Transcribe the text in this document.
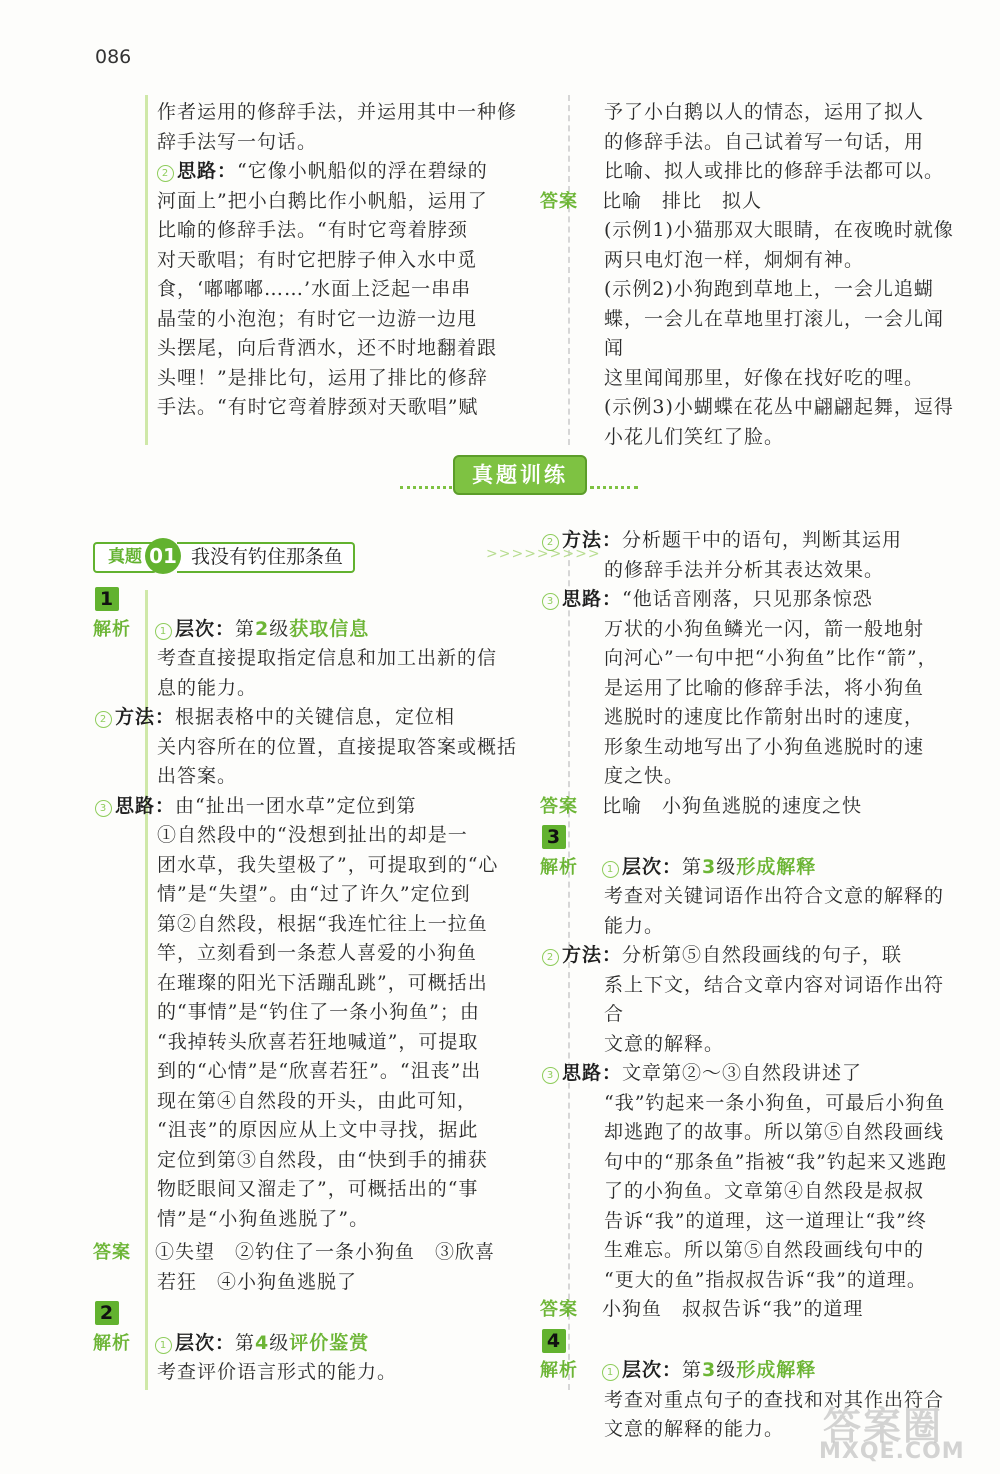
086

作者运用的修辞手法，并运用其中一种修

辞手法写一句话。

2 思路：“它像小帆船似的浮在碧绿的

河面上”把小白鹅比作小帆船，运用了

比喻的修辞手法。“有时它弯着脖颈

对天歌唱；有时它把脖子伸入水中觅

食，‘嘟嘟嘟……’水面上泛起一串串

晶莹的小泡泡；有时它一边游一边甩

头摆尾，向后背洒水，还不时地翻着跟

头哩！”是排比句，运用了排比的修辞

手法。“有时它弯着脖颈对天歌唱”赋

予了小白鹅以人的情态，运用了拟人

的修辞手法。自己试着写一句话，用

比喻、拟人或排比的修辞手法都可以。

答案	比喻　排比　拟人

(示例1)小猫那双大眼睛，在夜晚时就像

两只电灯泡一样，炯炯有神。

(示例2)小狗跑到草地上，一会儿追蝴

蝶，一会儿在草地里打滚儿，一会儿闻闻

这里闻闻那里，好像在找好吃的哩。

(示例3)小蝴蝶在花丛中翩翩起舞，逗得

小花儿们笑红了脸。

真题训练
真题	我没有钓住那条鱼
01	>>>>>>>>>
1

解析	1 层次：第2级获取信息

考查直接提取指定信息和加工出新的信

息的能力。

2 方法：根据表格中的关键信息，定位相

关内容所在的位置，直接提取答案或概括

出答案。

3 思路：由“扯出一团水草”定位到第

①自然段中的“没想到扯出的却是一

团水草，我失望极了”，可提取到的“心

情”是“失望”。由“过了许久”定位到

第②自然段，根据“我连忙往上一拉鱼

竿，立刻看到一条惹人喜爱的小狗鱼

在璀璨的阳光下活蹦乱跳”，可概括出

的“事情”是“钓住了一条小狗鱼”；由

“我掉转头欣喜若狂地喊道”，可提取

到的“心情”是“欣喜若狂”。“沮丧”出

现在第④自然段的开头，由此可知，

“沮丧”的原因应从上文中寻找，据此

定位到第③自然段，由“快到手的捕获

物眨眼间又溜走了”，可概括出的“事

情”是“小狗鱼逃脱了”。

答案	①失望　②钓住了一条小狗鱼　③欣喜

若狂　④小狗鱼逃脱了

2

解析	1 层次：第4级评价鉴赏

考查评价语言形式的能力。

2 方法：分析题干中的语句，判断其运用

的修辞手法并分析其表达效果。

3 思路：“他话音刚落，只见那条惊恐

万状的小狗鱼鳞光一闪，箭一般地射

向河心”一句中把“小狗鱼”比作“箭”，

是运用了比喻的修辞手法，将小狗鱼

逃脱时的速度比作箭射出时的速度，

形象生动地写出了小狗鱼逃脱时的速

度之快。

答案	比喻　小狗鱼逃脱的速度之快

3

解析	1 层次：第3级形成解释

考查对关键词语作出符合文意的解释的

能力。

2 方法：分析第⑤自然段画线的句子，联

系上下文，结合文章内容对词语作出符合

文意的解释。

3 思路：文章第②～③自然段讲述了

“我”钓起来一条小狗鱼，可最后小狗鱼

却逃跑了的故事。所以第⑤自然段画线

句中的“那条鱼”指被“我”钓起来又逃跑

了的小狗鱼。文章第④自然段是叔叔

告诉“我”的道理，这一道理让“我”终

生难忘。所以第⑤自然段画线句中的

“更大的鱼”指叔叔告诉“我”的道理。

答案	小狗鱼　叔叔告诉“我”的道理

4

解析	1 层次：第3级形成解释

考查对重点句子的查找和对其作出符合

文意的解释的能力。	答案圈
MXQE.COM
